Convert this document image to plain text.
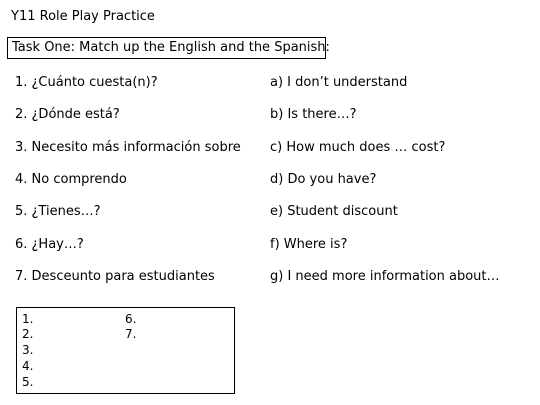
Y11 Role Play Practice
Task One: Match up the English and the Spanish:
1. ¿Cuánto cuesta(n)?
2. ¿Dónde está?
3. Necesito más información sobre
4. No comprendo
5. ¿Tienes…?
6. ¿Hay…?
7. Desceunto para estudiantes
a) I don’t understand
b) Is there…?
c) How much does … cost?
d) Do you have?
e) Student discount
f) Where is?
g) I need more information about…
1.
2.
3.
4.
5.
6.
7.
